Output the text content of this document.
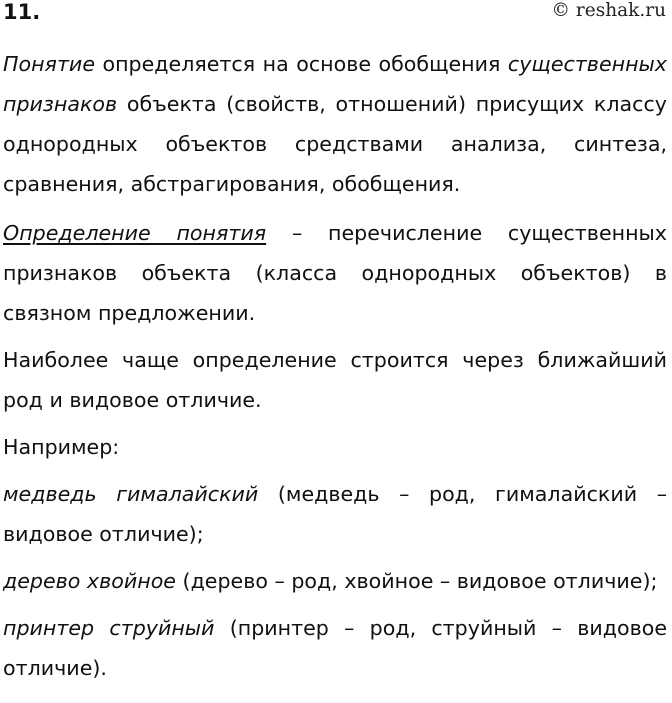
11.	© reshak.ru

Понятие определяется на основе обобщения существенных признаков объекта (свойств, отношений) присущих классу однородных объектов средствами анализа, синтеза, сравнения, абстрагирования, обобщения.

Определение понятия – перечисление существенных признаков объекта (класса однородных объектов) в связном предложении.

Наиболее чаще определение строится через ближайший род и видовое отличие.

Например:

медведь гималайский (медведь – род, гималайский – видовое отличие);

дерево хвойное (дерево – род, хвойное – видовое отличие);

принтер струйный (принтер – род, струйный – видовое отличие).
